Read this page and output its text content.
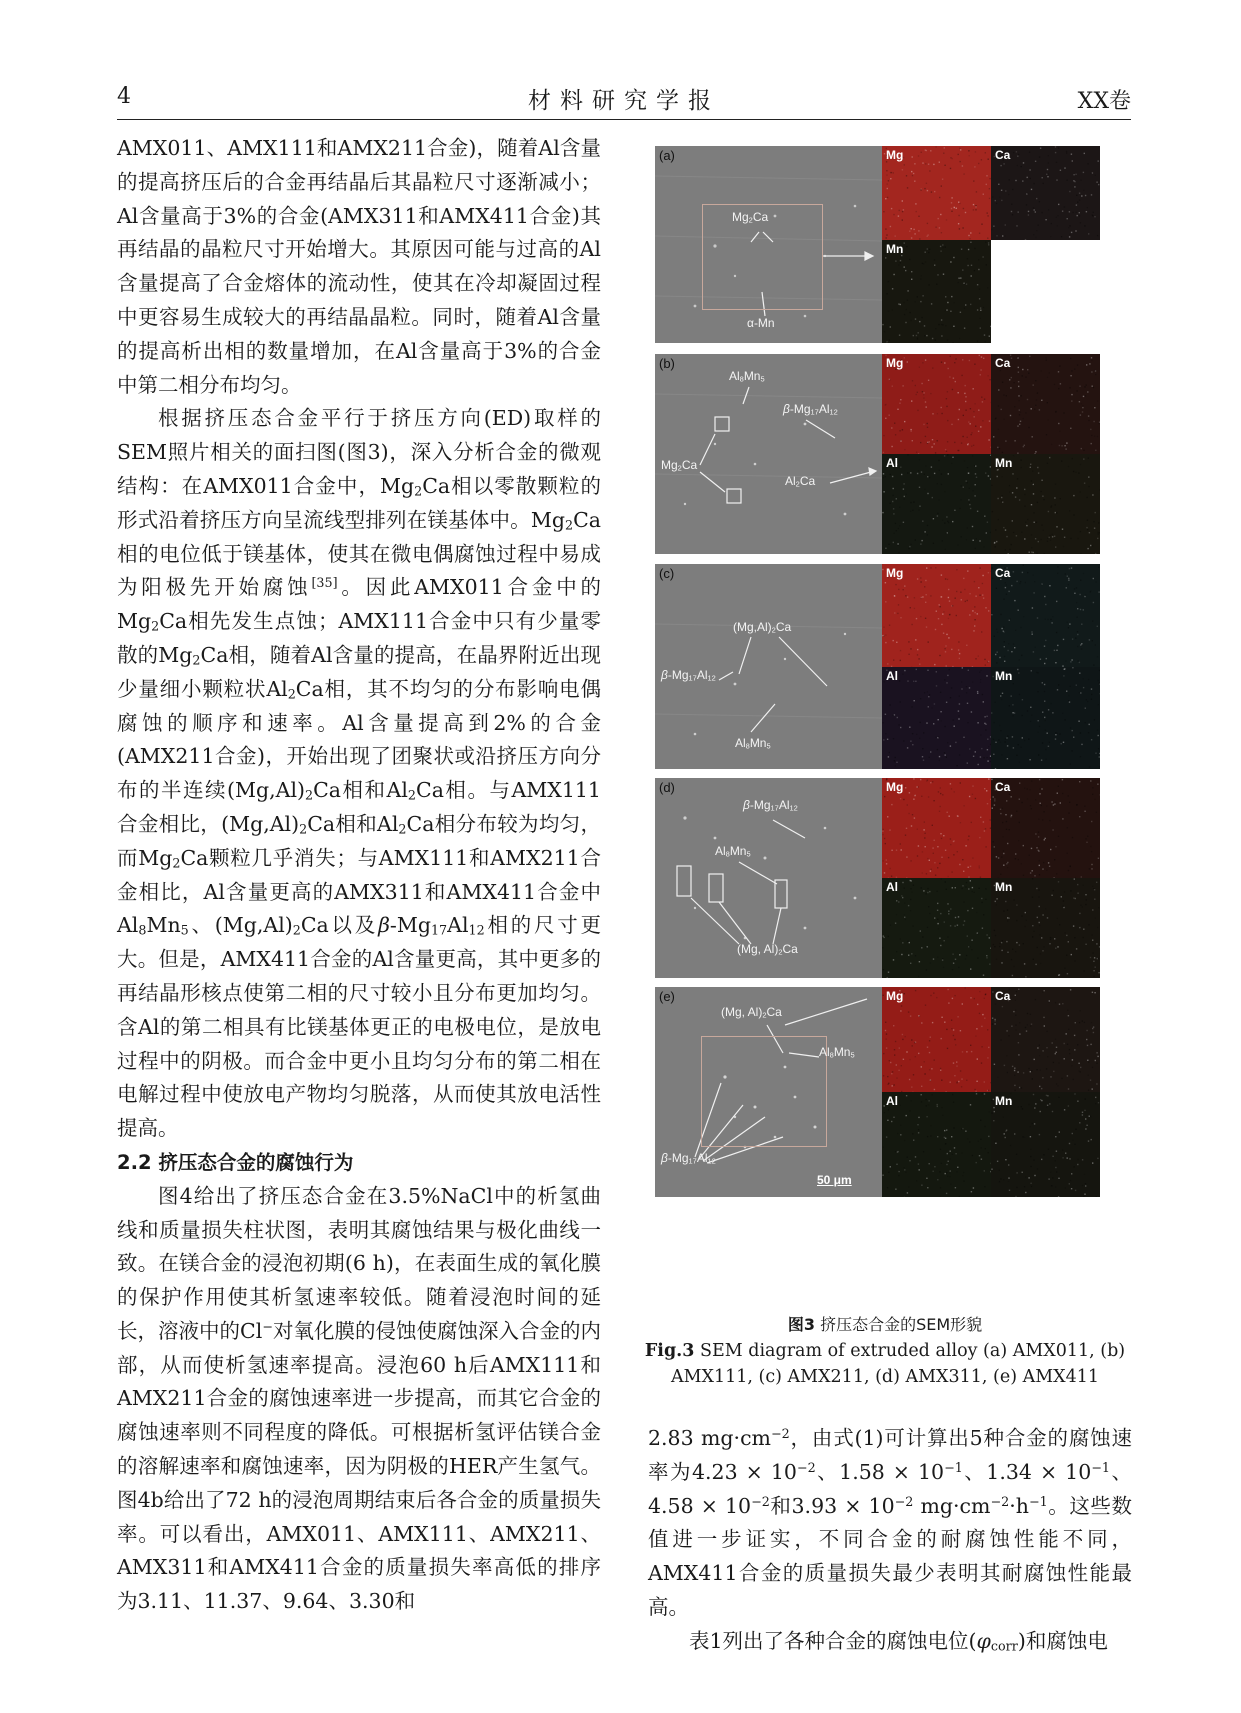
4	材料研究学报	XX卷

AMX011、AMX111和AMX211合金)，随着Al含量的提高挤压后的合金再结晶后其晶粒尺寸逐渐减小；Al含量高于3%的合金(AMX311和AMX411合金)其再结晶的晶粒尺寸开始增大。其原因可能与过高的Al含量提高了合金熔体的流动性，使其在冷却凝固过程中更容易生成较大的再结晶晶粒。同时，随着Al含量的提高析出相的数量增加，在Al含量高于3%的合金中第二相分布均匀。

根据挤压态合金平行于挤压方向(ED)取样的SEM照片相关的面扫图(图3)，深入分析合金的微观结构：在AMX011合金中，$Mg_2Ca$相以零散颗粒的形式沿着挤压方向呈流线型排列在镁基体中。$Mg_2Ca$相的电位低于镁基体，使其在微电偶腐蚀过程中易成为阳极先开始腐蚀[35]。因此AMX011合金中的$Mg_2Ca$相先发生点蚀；AMX111合金中只有少量零散的$Mg_2Ca$相，随着Al含量的提高，在晶界附近出现少量细小颗粒状$Al_2Ca$相，其不均匀的分布影响电偶腐蚀的顺序和速率。Al含量提高到2%的合金(AMX211合金)，开始出现了团聚状或沿挤压方向分布的半连续$(Mg,Al)_2Ca$相和$Al_2Ca$相。与AMX111合金相比，$(Mg,Al)_2Ca$相和$Al_2Ca$相分布较为均匀，而$Mg_2Ca$颗粒几乎消失；与AMX111和AMX211合金相比，Al含量更高的AMX311和AMX411合金中$Al_8Mn_5$、$(Mg,Al)_2Ca$以及$\beta-Mg_{17}Al_{12}$相的尺寸更大。但是，AMX411合金的Al含量更高，其中更多的再结晶形核点使第二相的尺寸较小且分布更加均匀。含Al的第二相具有比镁基体更正的电极电位，是放电过程中的阴极。而合金中更小且均匀分布的第二相在电解过程中使放电产物均匀脱落，从而使其放电活性提高。

2.2 挤压态合金的腐蚀行为

图4给出了挤压态合金在3.5%NaCl中的析氢曲线和质量损失柱状图，表明其腐蚀结果与极化曲线一致。在镁合金的浸泡初期(6 h)，在表面生成的氧化膜的保护作用使其析氢速率较低。随着浸泡时间的延长，溶液中的Cl−对氧化膜的侵蚀使腐蚀深入合金的内部，从而使析氢速率提高。浸泡60 h后AMX111和AMX211合金的腐蚀速率进一步提高，而其它合金的腐蚀速率则不同程度的降低。可根据析氢评估镁合金的溶解速率和腐蚀速率，因为阴极的HER产生氢气。图4b给出了72 h的浸泡周期结束后各合金的质量损失率。可以看出，AMX011、AMX111、AMX211、AMX311和AMX411合金的质量损失率高低的排序为3.11、11.37、9.64、3.30和

(a)
$Mg_2Ca$
α-Mn
Mg	Ca
Mn
(b)
$Al_8Mn_5$
$\beta-Mg_{17}Al_{12}$
$Mg_2Ca$
$Al_2Ca$
Mg	Ca
Al	Mn
(c)
$(Mg,Al)_2Ca$
$\beta-Mg_{17}Al_{12}$
$Al_8Mn_5$
Mg	Ca
Al	Mn
(d)
$\beta-Mg_{17}Al_{12}$
$Al_8Mn_5$
(Mg, $Al)_2Ca$
Mg	Ca
Al	Mn
(e)
(Mg, $Al)_2Ca$
$Al_8Mn_5$
$\beta-Mg_{17}Al_{12}$
50 μm
Mg	Ca
Al	Mn
图3 挤压态合金的SEM形貌
Fig.3 SEM diagram of extruded alloy (a) AMX011, (b) AMX111, (c) AMX211, (d) AMX311, (e) AMX411

2.83 $mg\cdot cm^{-2}$，由式(1)可计算出5种合金的腐蚀速率为$4.23 \times 10^{-2}$、$1.58 \times 10^{-1}$、$1.34 \times 10^{-1}$、$4.58 \times 10^{-2}$和$3.93 \times 10^{-2}$ $mg\cdot cm^{-2}\cdot h^{-1}$。这些数值进一步证实，不同合金的耐腐蚀性能不同，AMX411合金的质量损失最少表明其耐腐蚀性能最高。

表1列出了各种合金的腐蚀电位$(\varphi_{corr})$和腐蚀电
